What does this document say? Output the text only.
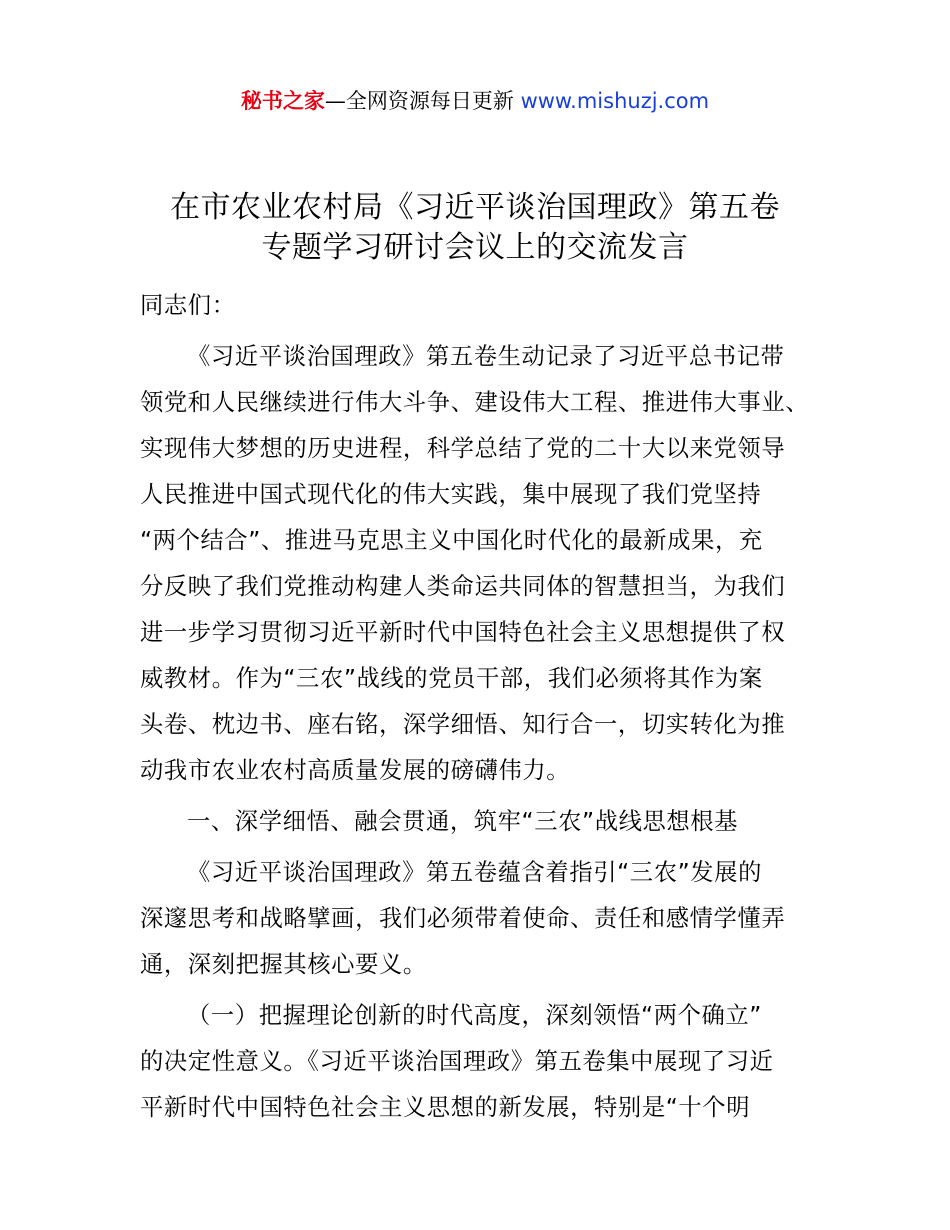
秘书之家—全网资源每日更新 www.mishuzj.com
在市农业农村局《习近平谈治国理政》第五卷
专题学习研讨会议上的交流发言
同志们：
《习近平谈治国理政》第五卷生动记录了习近平总书记带
领党和人民继续进行伟大斗争、建设伟大工程、推进伟大事业、
实现伟大梦想的历史进程，科学总结了党的二十大以来党领导
人民推进中国式现代化的伟大实践，集中展现了我们党坚持
“两个结合”、推进马克思主义中国化时代化的最新成果，充
分反映了我们党推动构建人类命运共同体的智慧担当，为我们
进一步学习贯彻习近平新时代中国特色社会主义思想提供了权
威教材。作为“三农”战线的党员干部，我们必须将其作为案
头卷、枕边书、座右铭，深学细悟、知行合一，切实转化为推
动我市农业农村高质量发展的磅礴伟力。
一、深学细悟、融会贯通，筑牢“三农”战线思想根基
《习近平谈治国理政》第五卷蕴含着指引“三农”发展的
深邃思考和战略擘画，我们必须带着使命、责任和感情学懂弄
通，深刻把握其核心要义。
（一）把握理论创新的时代高度，深刻领悟“两个确立”
的决定性意义。《习近平谈治国理政》第五卷集中展现了习近
平新时代中国特色社会主义思想的新发展，特别是“十个明
